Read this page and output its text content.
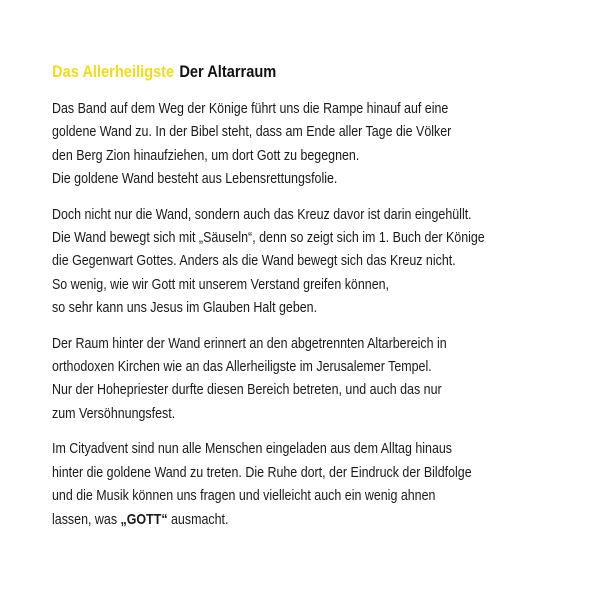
Das Allerheiligste Der Altarraum

Das Band auf dem Weg der Könige führt uns die Rampe hinauf auf eine
goldene Wand zu. In der Bibel steht, dass am Ende aller Tage die Völker
den Berg Zion hinaufziehen, um dort Gott zu begegnen.
Die goldene Wand besteht aus Lebensrettungsfolie.

Doch nicht nur die Wand, sondern auch das Kreuz davor ist darin eingehüllt.
Die Wand bewegt sich mit „Säuseln“, denn so zeigt sich im 1. Buch der Könige
die Gegenwart Gottes. Anders als die Wand bewegt sich das Kreuz nicht.
So wenig, wie wir Gott mit unserem Verstand greifen können,
so sehr kann uns Jesus im Glauben Halt geben.

Der Raum hinter der Wand erinnert an den abgetrennten Altarbereich in
orthodoxen Kirchen wie an das Allerheiligste im Jerusalemer Tempel.
Nur der Hohepriester durfte diesen Bereich betreten, und auch das nur
zum Versöhnungsfest.

Im Cityadvent sind nun alle Menschen eingeladen aus dem Alltag hinaus
hinter die goldene Wand zu treten. Die Ruhe dort, der Eindruck der Bildfolge
und die Musik können uns fragen und vielleicht auch ein wenig ahnen
lassen, was „GOTT“ ausmacht.
